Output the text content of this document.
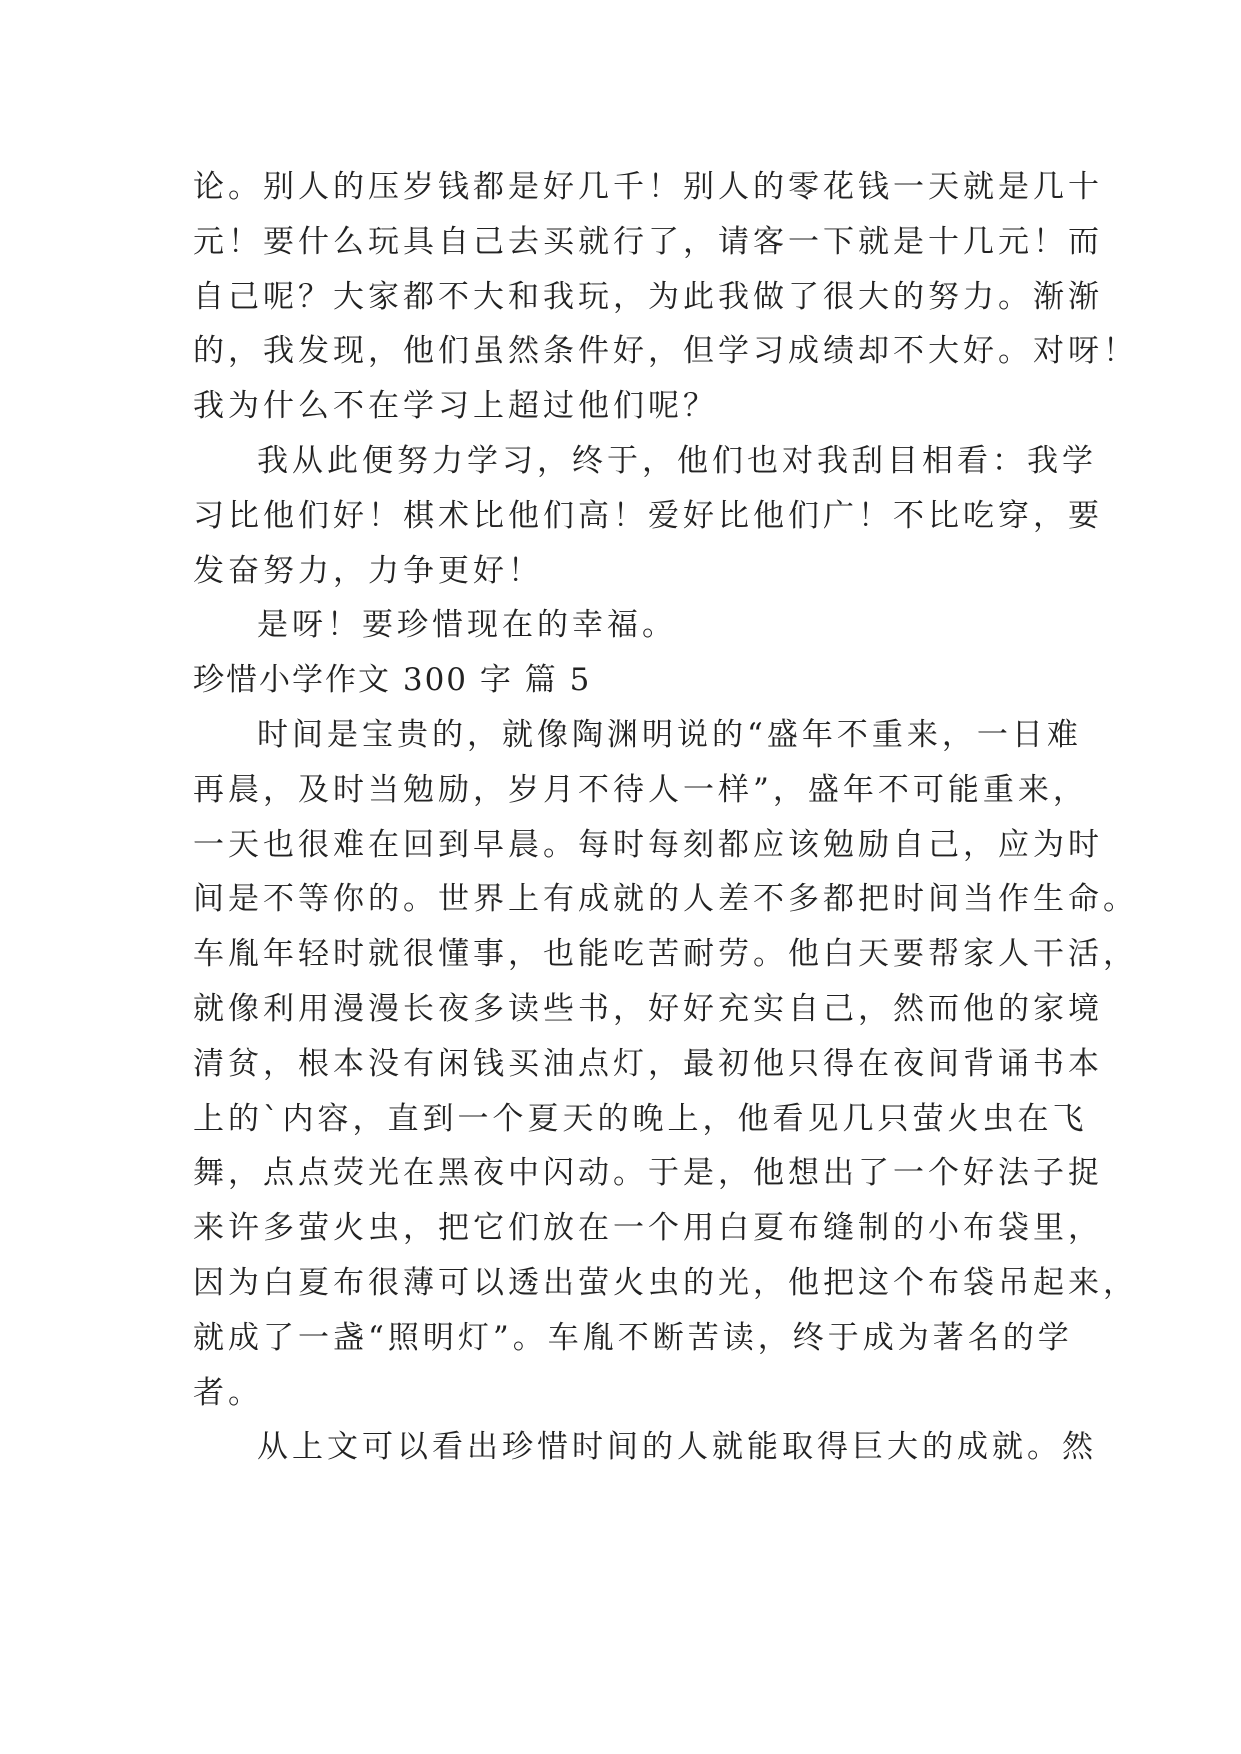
论。别人的压岁钱都是好几千！别人的零花钱一天就是几十
元！要什么玩具自己去买就行了，请客一下就是十几元！而
自己呢？大家都不大和我玩，为此我做了很大的努力。渐渐
的，我发现，他们虽然条件好，但学习成绩却不大好。对呀！
我为什么不在学习上超过他们呢？
我从此便努力学习，终于，他们也对我刮目相看：我学
习比他们好！棋术比他们高！爱好比他们广！不比吃穿，要
发奋努力，力争更好！
是呀！要珍惜现在的幸福。
珍惜小学作文 300 字 篇 5
时间是宝贵的，就像陶渊明说的“盛年不重来，一日难
再晨，及时当勉励，岁月不待人一样”，盛年不可能重来，
一天也很难在回到早晨。每时每刻都应该勉励自己，应为时
间是不等你的。世界上有成就的人差不多都把时间当作生命。
车胤年轻时就很懂事，也能吃苦耐劳。他白天要帮家人干活，
就像利用漫漫长夜多读些书，好好充实自己，然而他的家境
清贫，根本没有闲钱买油点灯，最初他只得在夜间背诵书本
上的`内容，直到一个夏天的晚上，他看见几只萤火虫在飞
舞，点点荧光在黑夜中闪动。于是，他想出了一个好法子捉
来许多萤火虫，把它们放在一个用白夏布缝制的小布袋里，
因为白夏布很薄可以透出萤火虫的光，他把这个布袋吊起来，
就成了一盏“照明灯”。车胤不断苦读，终于成为著名的学
者。
从上文可以看出珍惜时间的人就能取得巨大的成就。然
